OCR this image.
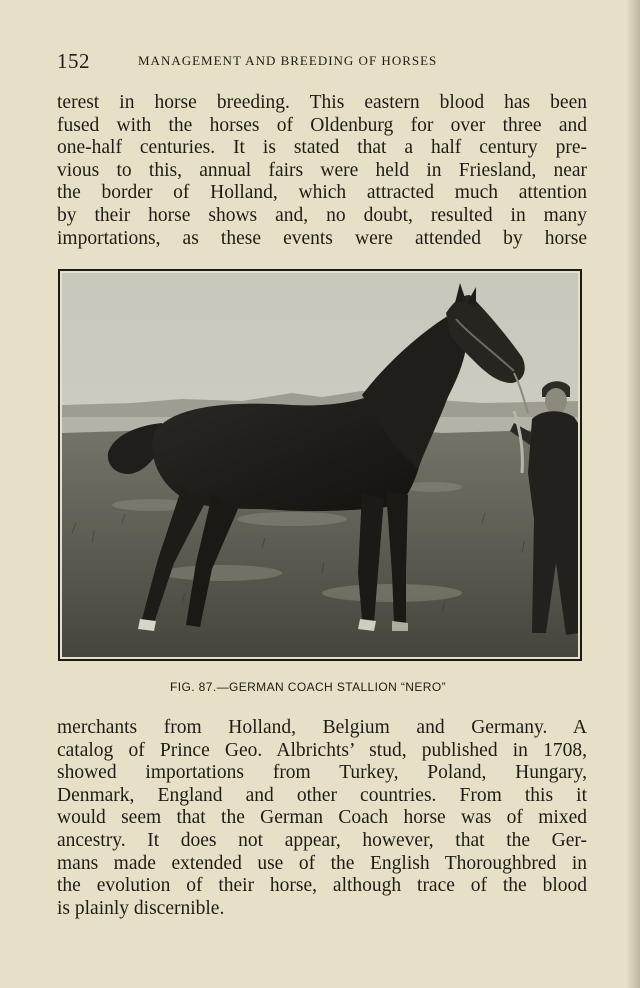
152	MANAGEMENT AND BREEDING OF HORSES
terest in horse breeding. This eastern blood has been
fused with the horses of Oldenburg for over three and
one-half centuries. It is stated that a half century pre-
vious to this, annual fairs were held in Friesland, near
the border of Holland, which attracted much attention
by their horse shows and, no doubt, resulted in many
importations, as these events were attended by horse
FIG. 87.—GERMAN COACH STALLION “NERO”
merchants from Holland, Belgium and Germany. A
catalog of Prince Geo. Albrichts’ stud, published in 1708,
showed importations from Turkey, Poland, Hungary,
Denmark, England and other countries. From this it
would seem that the German Coach horse was of mixed
ancestry. It does not appear, however, that the Ger-
mans made extended use of the English Thoroughbred in
the evolution of their horse, although trace of the blood
is plainly discernible.
